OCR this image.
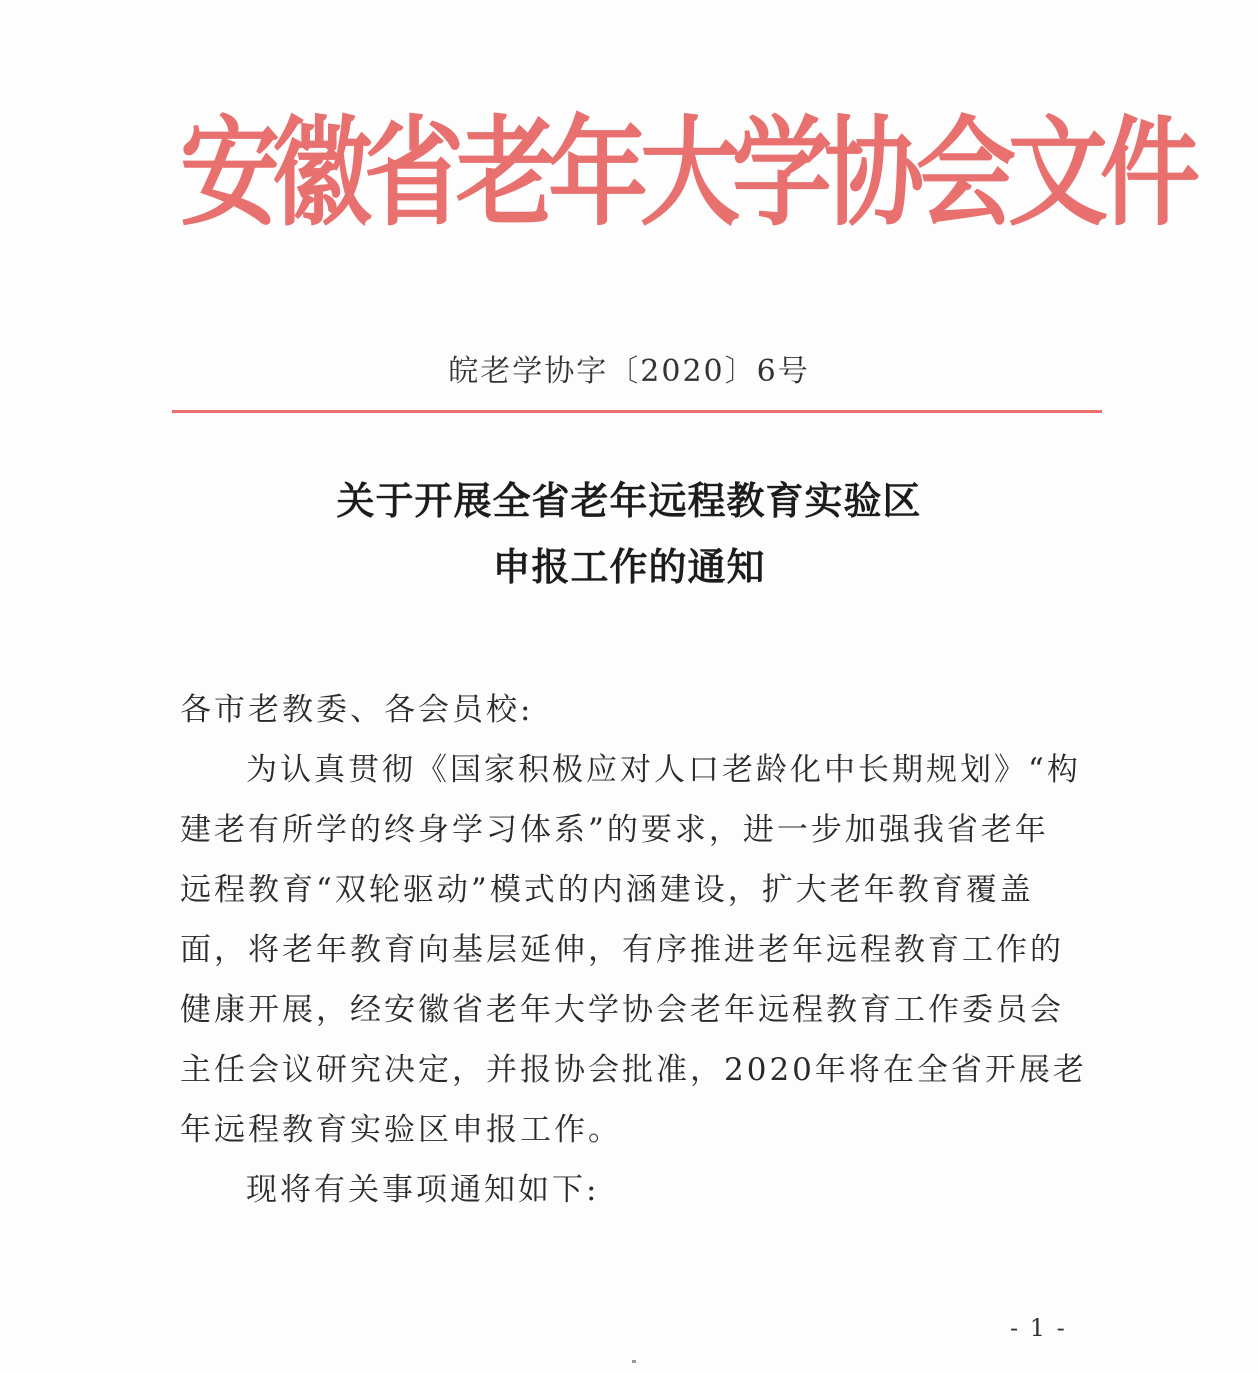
安徽省老年大学协会文件
皖老学协字〔2020〕6号
关于开展全省老年远程教育实验区
申报工作的通知
各市老教委、各会员校:
为认真贯彻《国家积极应对人口老龄化中长期规划》“构
建老有所学的终身学习体系”的要求，进一步加强我省老年
远程教育“双轮驱动”模式的内涵建设，扩大老年教育覆盖
面，将老年教育向基层延伸，有序推进老年远程教育工作的
健康开展，经安徽省老年大学协会老年远程教育工作委员会
主任会议研究决定，并报协会批准，2020年将在全省开展老
年远程教育实验区申报工作。
现将有关事项通知如下:
- 1 -
